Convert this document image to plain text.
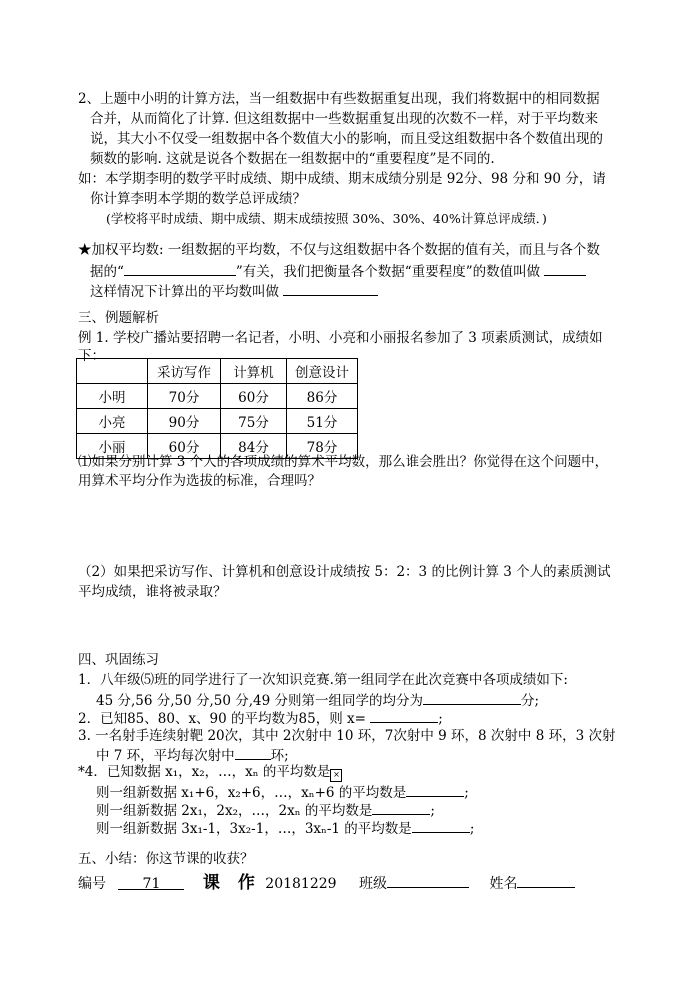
2、上题中小明的计算方法，当一组数据中有些数据重复出现，我们将数据中的相同数据
合并，从而简化了计算. 但这组数据中一些数据重复出现的次数不一样，对于平均数来
说，其大小不仅受一组数据中各个数值大小的影响，而且受这组数据中各个数值出现的
频数的影响. 这就是说各个数据在一组数据中的“重要程度”是不同的.
如：本学期李明的数学平时成绩、期中成绩、期末成绩分别是 92分、98 分和 90 分，请
你计算李明本学期的数学总评成绩？
(学校将平时成绩、期中成绩、期末成绩按照 30%、30%、40%计算总评成绩．)
★加权平均数: 一组数据的平均数，不仅与这组数据中各个数据的值有关，而且与各个数
据的“	”有关，我们把衡量各个数据“重要程度”的数值叫做
这样情况下计算出的平均数叫做
三、例题解析
例 1. 学校广播站要招聘一名记者，小明、小亮和小丽报名参加了 3 项素质测试，成绩如
下：
	采访写作	计算机	创意设计
小明	70分	60分	86分
小亮	90分	75分	51分
小丽	60分	84分	78分
⑴如果分别计算 3 个人的各项成绩的算术平均数，那么谁会胜出？你觉得在这个问题中，
用算术平均分作为选拔的标准，合理吗？
（2）如果把采访写作、计算机和创意设计成绩按 5：2：3 的比例计算 3 个人的素质测试
平均成绩，谁将被录取？
四、巩固练习
1．八年级⑸班的同学进行了一次知识竞赛.第一组同学在此次竞赛中各项成绩如下:
45 分,56 分,50 分,50 分,49 分则第一组同学的均分为	分;
2．已知85、80、x、90 的平均数为85，则 x=	;
3. 一名射手连续射靶 20次，其中 2次射中 10 环，7次射中 9 环，8 次射中 8 环，3 次射
中 7 环，平均每次射中	环;
*4．已知数据 x₁，x₂，…，xₙ 的平均数是 ×
则一组新数据 x₁+6，x₂+6，…，xₙ+6 的平均数是	;
则一组新数据 2x₁，2x₂，…，2xₙ 的平均数是	;
则一组新数据 3x₁-1，3x₂-1，…，3xₙ-1 的平均数是	;
五、小结：你这节课的收获？
编号	71	课 作 20181229 班级	姓名
